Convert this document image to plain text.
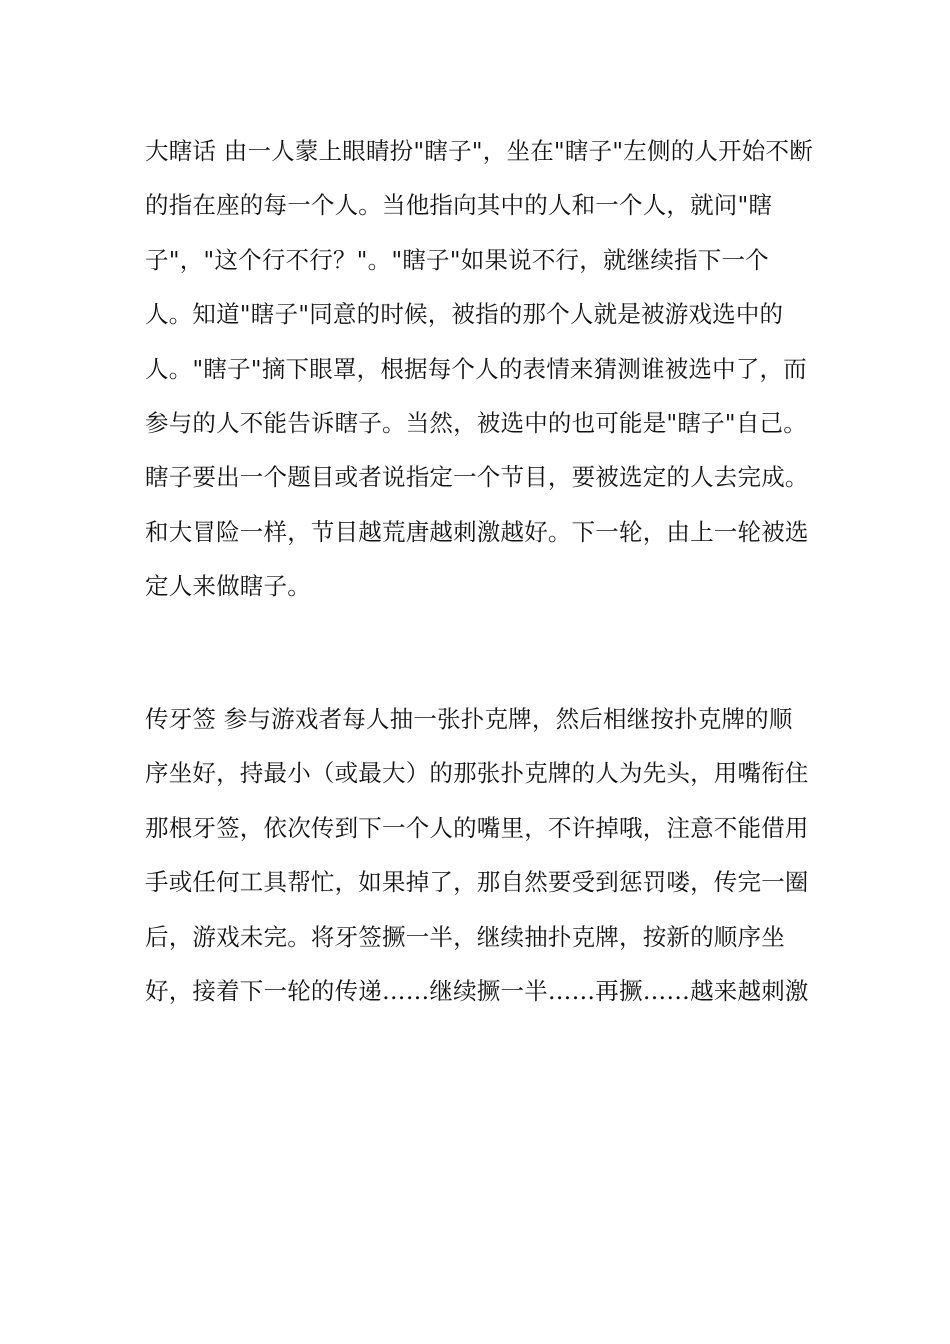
大瞎话 由一人蒙上眼睛扮"瞎子"，坐在"瞎子"左侧的人开始不断的指在座的每一个人。当他指向其中的人和一个人，就问"瞎子"，"这个行不行？"。"瞎子"如果说不行，就继续指下一个人。知道"瞎子"同意的时候，被指的那个人就是被游戏选中的人。"瞎子"摘下眼罩，根据每个人的表情来猜测谁被选中了，而参与的人不能告诉瞎子。当然，被选中的也可能是"瞎子"自己。瞎子要出一个题目或者说指定一个节目，要被选定的人去完成。和大冒险一样，节目越荒唐越刺激越好。下一轮，由上一轮被选定人来做瞎子。

传牙签 参与游戏者每人抽一张扑克牌，然后相继按扑克牌的顺序坐好，持最小（或最大）的那张扑克牌的人为先头，用嘴衔住那根牙签，依次传到下一个人的嘴里，不许掉哦，注意不能借用手或任何工具帮忙，如果掉了，那自然要受到惩罚喽，传完一圈后，游戏未完。将牙签撅一半，继续抽扑克牌，按新的顺序坐好，接着下一轮的传递……继续撅一半……再撅……越来越刺激
